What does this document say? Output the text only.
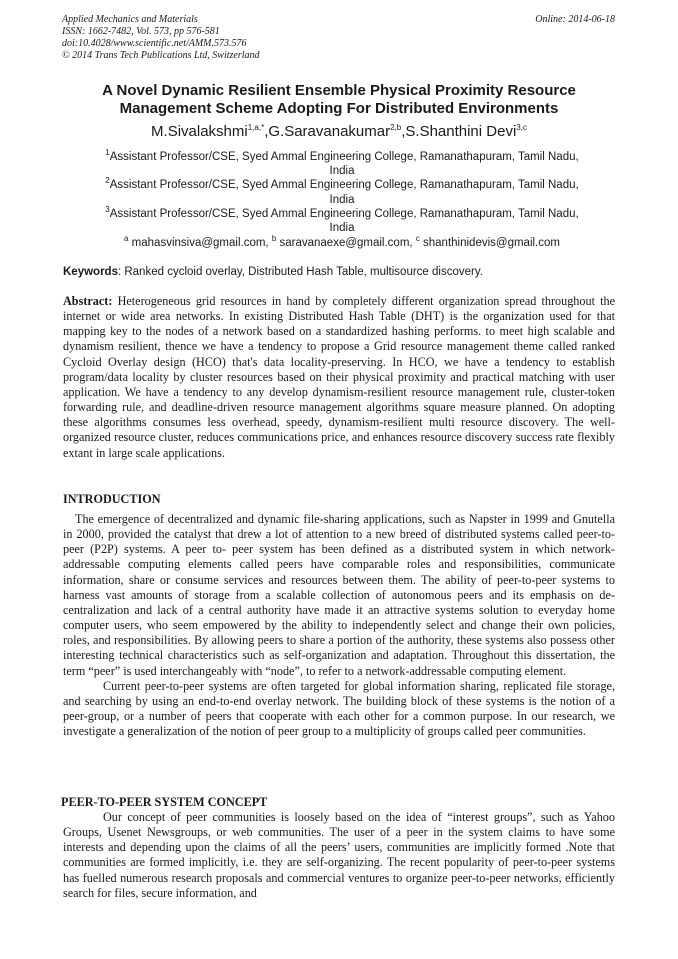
Applied Mechanics and Materials
ISSN: 1662-7482, Vol. 573, pp 576-581
doi:10.4028/www.scientific.net/AMM.573.576
© 2014 Trans Tech Publications Ltd, Switzerland
Online: 2014-06-18
A Novel Dynamic Resilient Ensemble Physical Proximity Resource
Management Scheme Adopting For Distributed Environments
M.Sivalakshmi$^{1,a,*}$,G.Saravanakumar$^{2,b}$,S.Shanthini Devi$^{3,c}$
$^1$Assistant Professor/CSE, Syed Ammal Engineering College, Ramanathapuram, Tamil Nadu,
India
$^2$Assistant Professor/CSE, Syed Ammal Engineering College, Ramanathapuram, Tamil Nadu,
India
$^3$Assistant Professor/CSE, Syed Ammal Engineering College, Ramanathapuram, Tamil Nadu,
India
$^a$ mahasvinsiva@gmail.com, $^b$ saravanaexe@gmail.com, $^c$ shanthinidevis@gmail.com
Keywords: Ranked cycloid overlay, Distributed Hash Table, multisource discovery.
Abstract: Heterogeneous grid resources in hand by completely different organization spread throughout the internet or wide area networks. In existing Distributed Hash Table (DHT) is the organization used for that mapping key to the nodes of a network based on a standardized hashing performs. to meet high scalable and dynamism resilient, thence we have a tendency to propose a Grid resource management theme called ranked Cycloid Overlay design (HCO) that's data locality-preserving. In HCO, we have a tendency to establish program/data locality by cluster resources based on their physical proximity and practical matching with user application. We have a tendency to any develop dynamism-resilient resource management rule, cluster-token forwarding rule, and deadline-driven resource management algorithms square measure planned. On adopting these algorithms consumes less overhead, speedy, dynamism-resilient multi resource discovery. The well-organized resource cluster, reduces communications price, and enhances resource discovery success rate flexibly extant in large scale applications.
INTRODUCTION

The emergence of decentralized and dynamic file-sharing applications, such as Napster in 1999 and Gnutella in 2000, provided the catalyst that drew a lot of attention to a new breed of distributed systems called peer-to-peer (P2P) systems. A peer to- peer system has been defined as a distributed system in which network-addressable computing elements called peers have comparable roles and responsibilities, communicate information, share or consume services and resources between them. The ability of peer-to-peer systems to harness vast amounts of storage from a scalable collection of autonomous peers and its emphasis on de-centralization and lack of a central authority have made it an attractive systems solution to everyday home computer users, who seem empowered by the ability to independently select and change their own policies, roles, and responsibilities. By allowing peers to share a portion of the authority, these systems also possess other interesting technical characteristics such as self-organization and adaptation. Throughout this dissertation, the term “peer” is used interchangeably with “node”, to refer to a network-addressable computing element.

Current peer-to-peer systems are often targeted for global information sharing, replicated file storage, and searching by using an end-to-end overlay network. The building block of these systems is the notion of a peer-group, or a number of peers that cooperate with each other for a common purpose. In our research, we investigate a generalization of the notion of peer group to a multiplicity of groups called peer communities.

PEER-TO-PEER SYSTEM CONCEPT
Our concept of peer communities is loosely based on the idea of “interest groups”, such as Yahoo Groups, Usenet Newsgroups, or web communities. The user of a peer in the system claims to have some interests and depending upon the claims of all the peers’ users, communities are implicitly formed .Note that communities are formed implicitly, i.e. they are self-organizing. The recent popularity of peer-to-peer systems has fuelled numerous research proposals and commercial ventures to organize peer-to-peer networks, efficiently search for files, secure information, and
